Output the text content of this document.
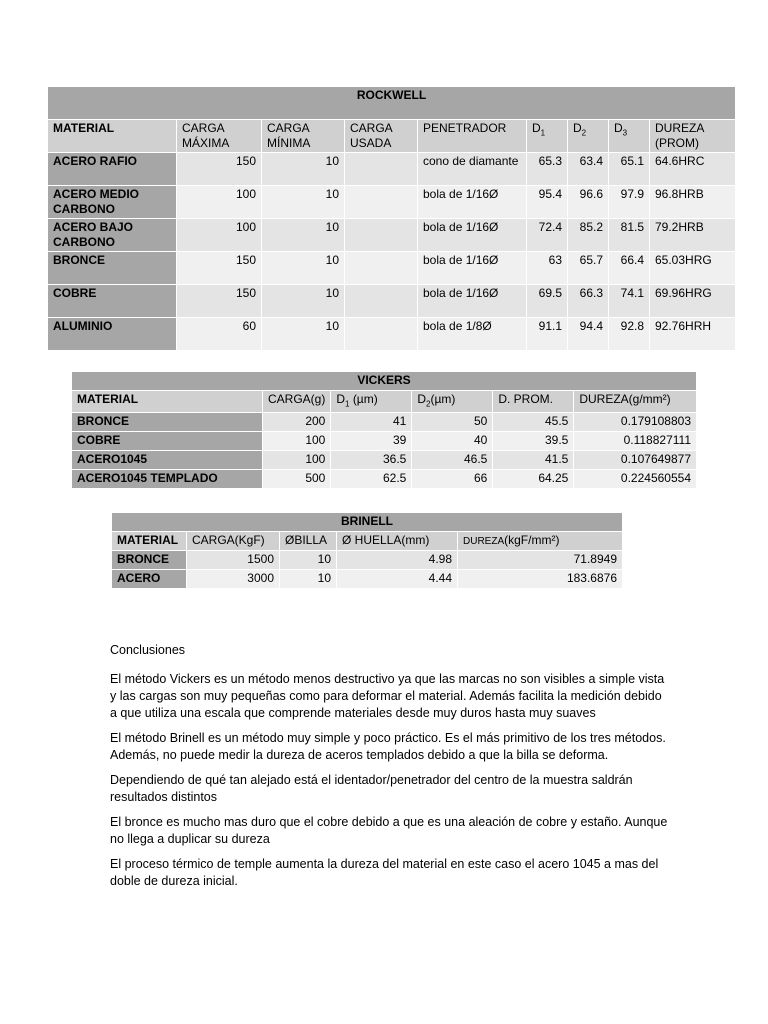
ROCKWELL								
MATERIAL	CARGA MÁXIMA	CARGA MÍNIMA	CARGA USADA	PENETRADOR	$D_1$	$D_2$	$D_3$	DUREZA (PROM)
ACERO RAFIO	150	10		cono de diamante	65.3	63.4	65.1	64.6HRC
ACERO MEDIO CARBONO	100	10		bola de 1/16Ø	95.4	96.6	97.9	96.8HRB
ACERO BAJO CARBONO	100	10		bola de 1/16Ø	72.4	85.2	81.5	79.2HRB
BRONCE	150	10		bola de 1/16Ø	63	65.7	66.4	65.03HRG
COBRE	150	10		bola de 1/16Ø	69.5	66.3	74.1	69.96HRG
ALUMINIO	60	10		bola de 1/8Ø	91.1	94.4	92.8	92.76HRH
VICKERS					
MATERIAL	CARGA(g)	$D_1$ (µm)	$D_2(\mu m)$	D. PROM.	DUREZA(g/mm²)
BRONCE	200	41	50	45.5	0.179108803
COBRE	100	39	40	39.5	0.118827111
ACERO1045	100	36.5	46.5	41.5	0.107649877
ACERO1045 TEMPLADO	500	62.5	66	64.25	0.224560554
BRINELL				
MATERIAL	CARGA(KgF)	ØBILLA	Ø HUELLA(mm)	DUREZA(kgF/mm²)
BRONCE	1500	10	4.98	71.8949
ACERO	3000	10	4.44	183.6876

Conclusiones

El método Vickers es un método menos destructivo ya que las marcas no son visibles a simple vista y las cargas son muy pequeñas como para deformar el material. Además facilita la medición debido a que utiliza una escala que comprende materiales desde muy duros hasta muy suaves

El método Brinell es un método muy simple y poco práctico. Es el más primitivo de los tres métodos. Además, no puede medir la dureza de aceros templados debido a que la billa se deforma.

Dependiendo de qué tan alejado está el identador/penetrador del centro de la muestra saldrán resultados distintos

El bronce es mucho mas duro que el cobre debido a que es una aleación de cobre y estaño. Aunque no llega a duplicar su dureza

El proceso térmico de temple aumenta la dureza del material en este caso el acero 1045 a mas del doble de dureza inicial.
